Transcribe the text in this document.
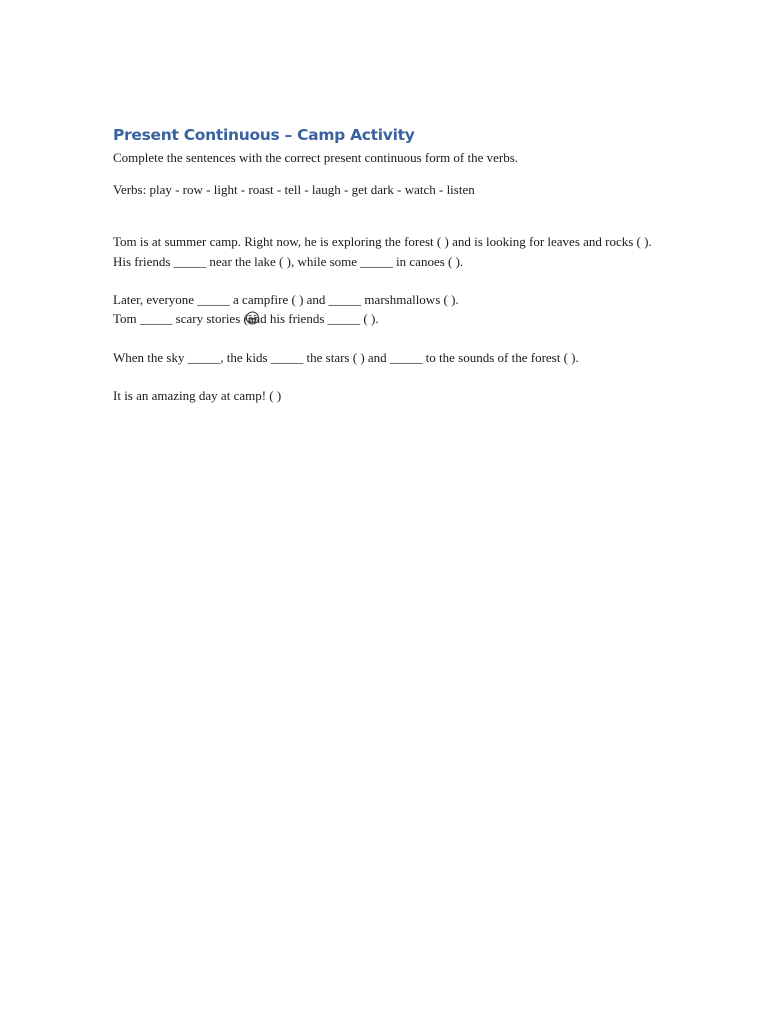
Present Continuous – Camp Activity

Complete the sentences with the correct present continuous form of the verbs.

Verbs: play - row - light - roast - tell - laugh - get dark - watch - listen

Tom is at summer camp. Right now, he is exploring the forest ( ) and is looking for leaves and rocks ( ).

His friends _____ near the lake ( ), while some _____ in canoes ( ).

Later, everyone _____ a campfire ( ) and _____ marshmallows ( ).

Tom _____ scary stories (
and his friends _____ ( ).

When the sky _____, the kids _____ the stars ( ) and _____ to the sounds of the forest ( ).

It is an amazing day at camp! ( )
